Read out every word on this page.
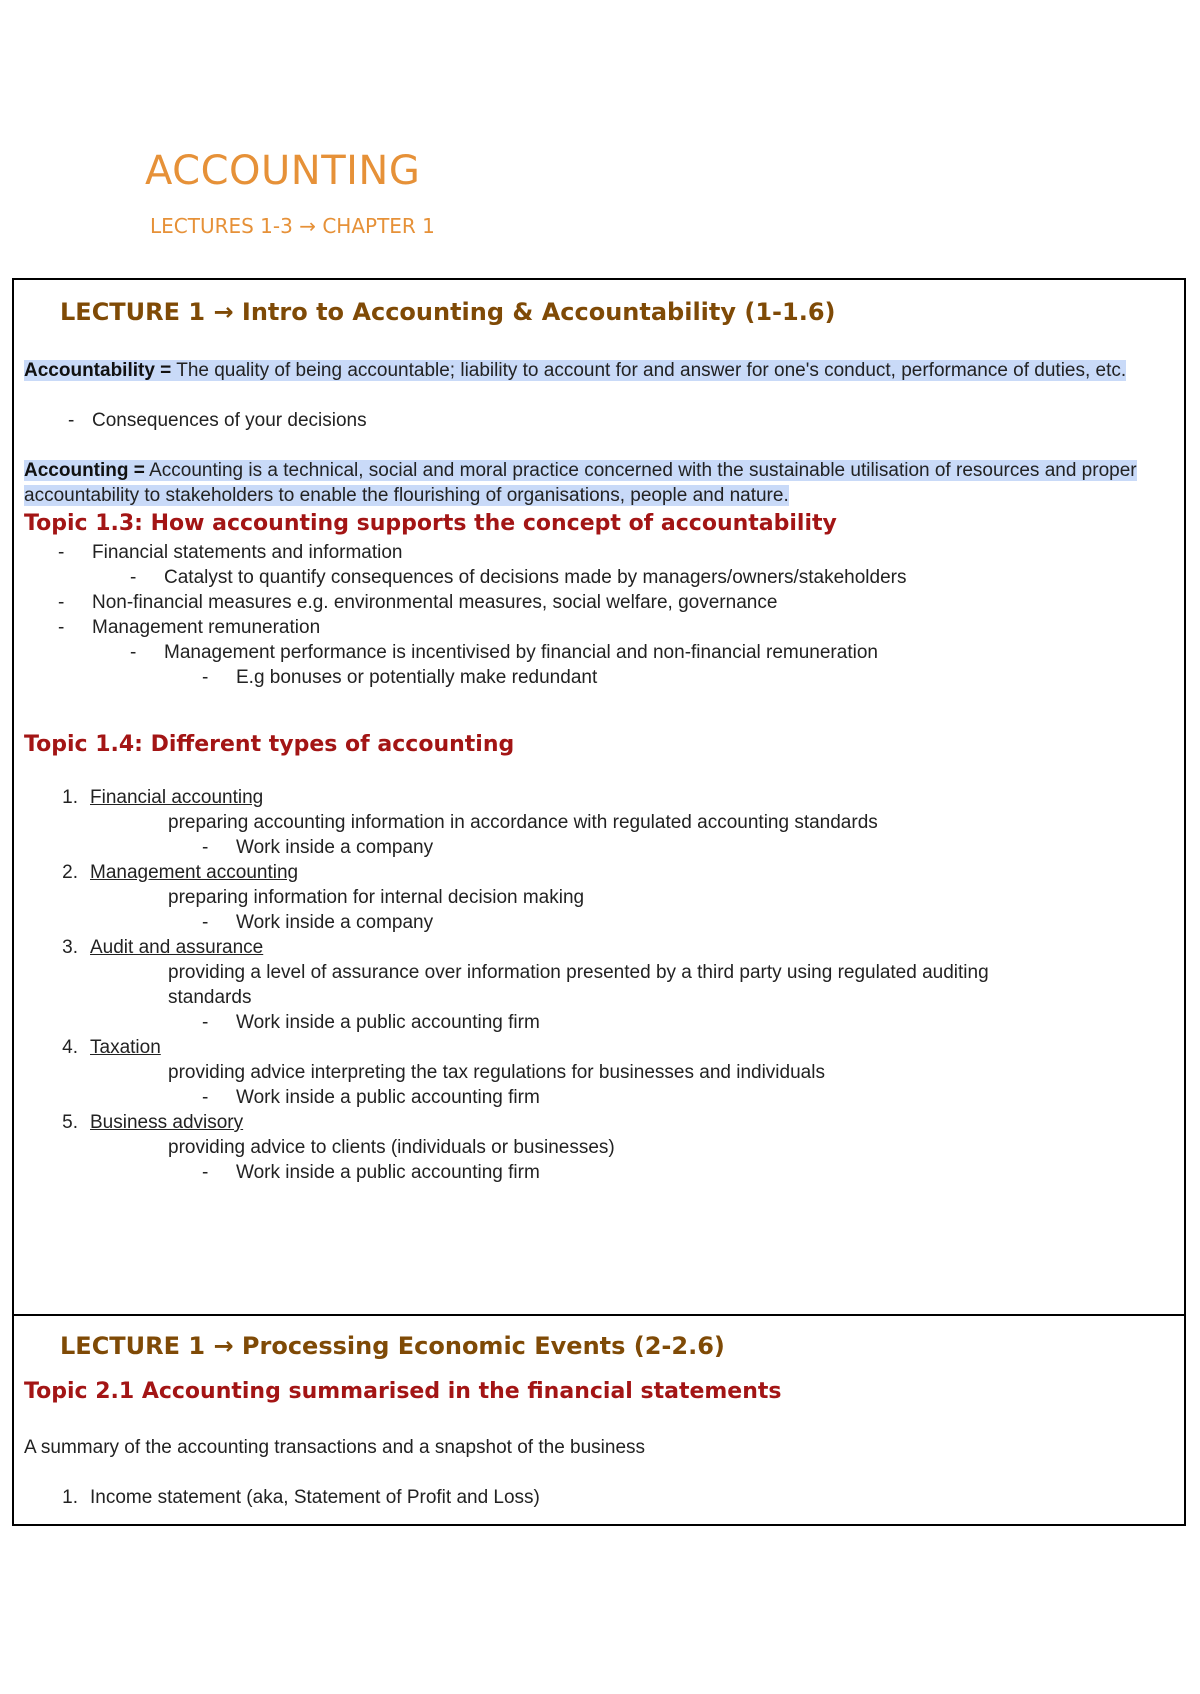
ACCOUNTING
LECTURES 1-3 → CHAPTER 1
LECTURE 1 → Intro to Accounting & Accountability (1-1.6)
Accountability = The quality of being accountable; liability to account for and answer for one's conduct, performance of duties, etc.
- Consequences of your decisions
Accounting = Accounting is a technical, social and moral practice concerned with the sustainable utilisation of resources and proper accountability to stakeholders to enable the flourishing of organisations, people and nature.
Topic 1.3: How accounting supports the concept of accountability
- Financial statements and information
- Catalyst to quantify consequences of decisions made by managers/owners/stakeholders
- Non-financial measures e.g. environmental measures, social welfare, governance
- Management remuneration
- Management performance is incentivised by financial and non-financial remuneration
- E.g bonuses or potentially make redundant
Topic 1.4: Different types of accounting
1. Financial accounting
preparing accounting information in accordance with regulated accounting standards
- Work inside a company
2. Management accounting
preparing information for internal decision making
- Work inside a company
3. Audit and assurance
providing a level of assurance over information presented by a third party using regulated auditing
standards
- Work inside a public accounting firm
4. Taxation
providing advice interpreting the tax regulations for businesses and individuals
- Work inside a public accounting firm
5. Business advisory
providing advice to clients (individuals or businesses)
- Work inside a public accounting firm
LECTURE 1 → Processing Economic Events (2-2.6)
Topic 2.1 Accounting summarised in the financial statements
A summary of the accounting transactions and a snapshot of the business
1. Income statement (aka, Statement of Profit and Loss)
